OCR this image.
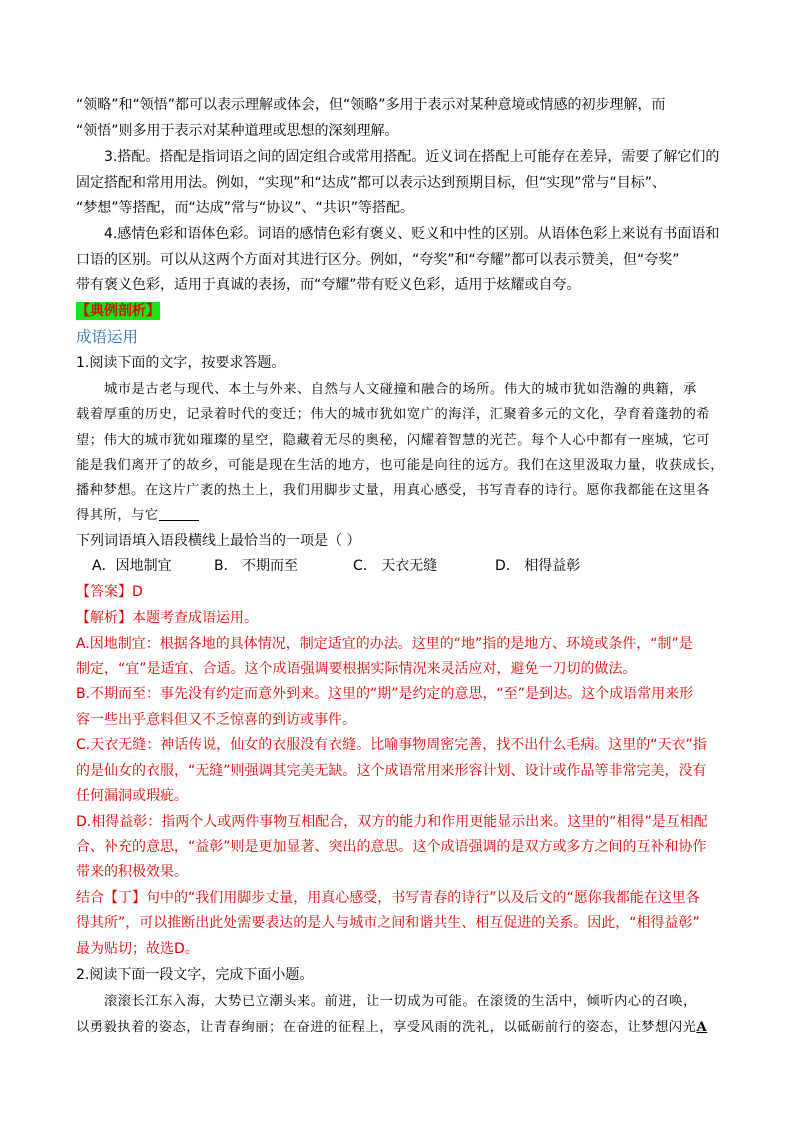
“领略”和“领悟”都可以表示理解或体会，但“领略”多用于表示对某种意境或情感的初步理解，而
“领悟”则多用于表示对某种道理或思想的深刻理解。
3.搭配。搭配是指词语之间的固定组合或常用搭配。近义词在搭配上可能存在差异，需要了解它们的
固定搭配和常用用法。例如，“实现”和“达成”都可以表示达到预期目标，但“实现”常与“目标”、
“梦想”等搭配，而“达成”常与“协议”、“共识”等搭配。
4.感情色彩和语体色彩。词语的感情色彩有褒义、贬义和中性的区别。从语体色彩上来说有书面语和
口语的区别。可以从这两个方面对其进行区分。例如，“夸奖”和“夸耀”都可以表示赞美，但“夸奖”
带有褒义色彩，适用于真诚的表扬，而“夸耀”带有贬义色彩，适用于炫耀或自夸。
【典例剖析】
成语运用
1.阅读下面的文字，按要求答题。
城市是古老与现代、本土与外来、自然与人文碰撞和融合的场所。伟大的城市犹如浩瀚的典籍，承
载着厚重的历史，记录着时代的变迁；伟大的城市犹如宽广的海洋，汇聚着多元的文化，孕育着蓬勃的希
望；伟大的城市犹如璀璨的星空，隐藏着无尽的奥秘，闪耀着智慧的光芒。每个人心中都有一座城，它可
能是我们离开了的故乡，可能是现在生活的地方，也可能是向往的远方。我们在这里汲取力量，收获成长，
播种梦想。在这片广袤的热土上，我们用脚步丈量，用真心感受，书写青春的诗行。愿你我都能在这里各
得其所，与它
下列词语填入语段横线上最恰当的一项是（ ）
A．因地制宜	B． 不期而至	C． 天衣无缝	D． 相得益彰
【答案】D
【解析】本题考查成语运用。
A.因地制宜：根据各地的具体情况，制定适宜的办法。这里的“地”指的是地方、环境或条件，“制”是
制定，“宜”是适宜、合适。这个成语强调要根据实际情况来灵活应对，避免一刀切的做法。
B.不期而至：事先没有约定而意外到来。这里的“期”是约定的意思，“至”是到达。这个成语常用来形
容一些出乎意料但又不乏惊喜的到访或事件。
C.天衣无缝：神话传说，仙女的衣服没有衣缝。比喻事物周密完善，找不出什么毛病。这里的“天衣”指
的是仙女的衣服，“无缝”则强调其完美无缺。这个成语常用来形容计划、设计或作品等非常完美，没有
任何漏洞或瑕疵。
D.相得益彰：指两个人或两件事物互相配合，双方的能力和作用更能显示出来。这里的“相得”是互相配
合、补充的意思，“益彰”则是更加显著、突出的意思。这个成语强调的是双方或多方之间的互补和协作
带来的积极效果。
结合【丁】句中的“我们用脚步丈量，用真心感受，书写青春的诗行”以及后文的“愿你我都能在这里各
得其所”，可以推断出此处需要表达的是人与城市之间和谐共生、相互促进的关系。因此，“相得益彰”
最为贴切；故选D。
2.阅读下面一段文字，完成下面小题。
滚滚长江东入海，大势已立潮头来。前进，让一切成为可能。在滚烫的生活中，倾听内心的召唤，
以勇毅执着的姿态，让青春绚丽；在奋进的征程上，享受风雨的洗礼，以砥砺前行的姿态，让梦想闪光A
